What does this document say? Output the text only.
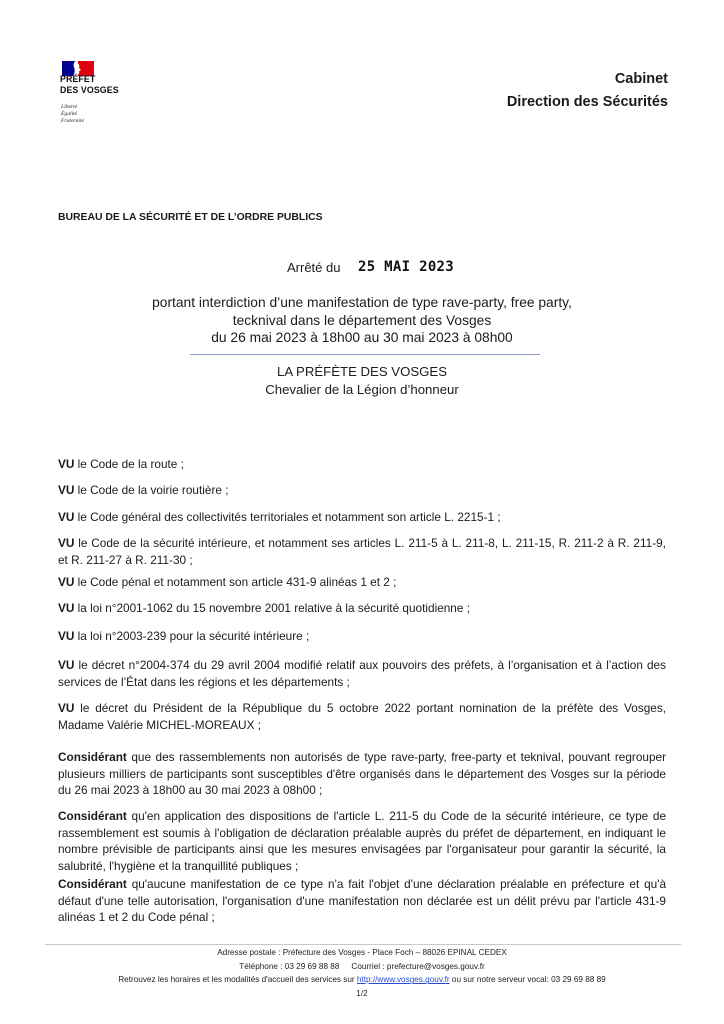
PRÉFET
DES VOSGES
Liberté
Égalité
Fraternité
Cabinet
Direction des Sécurités
BUREAU DE LA SÉCURITÉ ET DE L’ORDRE PUBLICS
Arrêté du 25 MAI 2023
portant interdiction d’une manifestation de type rave-party, free party,
tecknival dans le département des Vosges
du 26 mai 2023 à 18h00 au 30 mai 2023 à 08h00
LA PRÉFÈTE DES VOSGES
Chevalier de la Légion d’honneur

VU le Code de la route ;

VU le Code de la voirie routière ;

VU le Code général des collectivités territoriales et notamment son article L. 2215-1 ;

VU le Code de la sécurité intérieure, et notamment ses articles L. 211-5 à L. 211-8, L. 211-15, R. 211-2 à R. 211-9, et R. 211-27 à R. 211-30 ;

VU le Code pénal et notamment son article 431-9 alinéas 1 et 2 ;

VU la loi n°2001-1062 du 15 novembre 2001 relative à la sécurité quotidienne ;

VU la loi n°2003-239 pour la sécurité intérieure ;

VU le décret n°2004-374 du 29 avril 2004 modifié relatif aux pouvoirs des préfets, à l’organisation et à l’action des services de l’État dans les régions et les départements ;

VU le décret du Président de la République du 5 octobre 2022 portant nomination de la préfète des Vosges, Madame Valérie MICHEL-MOREAUX ;

Considérant que des rassemblements non autorisés de type rave-party, free-party et teknival, pouvant regrouper plusieurs milliers de participants sont susceptibles d'être organisés dans le département des Vosges sur la période du 26 mai 2023 à 18h00 au 30 mai 2023 à 08h00 ;

Considérant qu'en application des dispositions de l'article L. 211-5 du Code de la sécurité intérieure, ce type de rassemblement est soumis à l'obligation de déclaration préalable auprès du préfet de département, en indiquant le nombre prévisible de participants ainsi que les mesures envisagées par l'organisateur pour garantir la sécurité, la salubrité, l'hygiène et la tranquillité publiques ;

Considérant qu'aucune manifestation de ce type n'a fait l'objet d'une déclaration préalable en préfecture et qu'à défaut d'une telle autorisation, l'organisation d'une manifestation non déclarée est un délit prévu par l'article 431-9 alinéas 1 et 2 du Code pénal ;

Adresse postale : Préfecture des Vosges - Place Foch – 88026 EPINAL CEDEX
Téléphone : 03 29 69 88 88 Courriel : prefecture@vosges.gouv.fr
Retrouvez les horaires et les modalités d'accueil des services sur http://www.vosges.gouv.fr ou sur notre serveur vocal: 03 29 69 88 89
1/2
